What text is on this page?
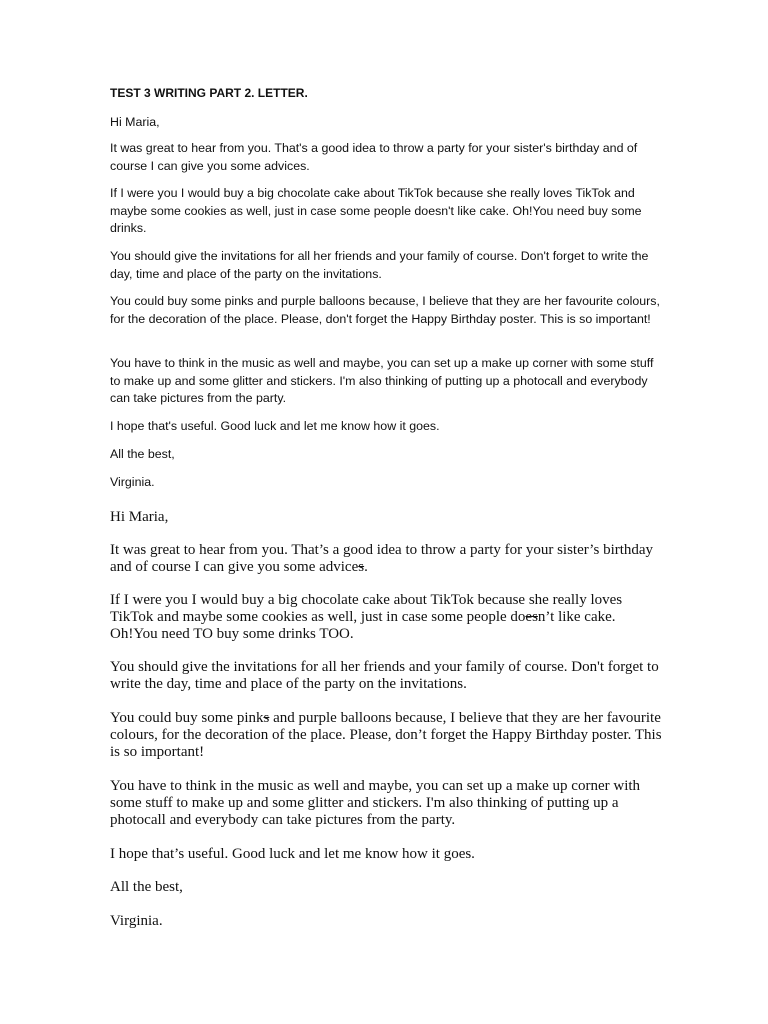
TEST 3 WRITING PART 2. LETTER.

Hi Maria,

It was great to hear from you. That's a good idea to throw a party for your sister's birthday and of course I can give you some advices.

If I were you I would buy a big chocolate cake about TikTok because she really loves TikTok and maybe some cookies as well, just in case some people doesn't like cake. Oh!You need buy some drinks.

You should give the invitations for all her friends and your family of course. Don't forget to write the day, time and place of the party on the invitations.

You could buy some pinks and purple balloons because, I believe that they are her favourite colours, for the decoration of the place. Please, don't forget the Happy Birthday poster. This is so important!

You have to think in the music as well and maybe, you can set up a make up corner with some stuff to make up and some glitter and stickers. I'm also thinking of putting up a photocall and everybody can take pictures from the party.

I hope that's useful. Good luck and let me know how it goes.

All the best,

Virginia.

Hi Maria,

It was great to hear from you. That’s a good idea to throw a party for your sister’s birthday and of course I can give you some advices.

If I were you I would buy a big chocolate cake about TikTok because she really loves TikTok and maybe some cookies as well, just in case some people doesn’t like cake. Oh!You need TO buy some drinks TOO.

You should give the invitations for all her friends and your family of course. Don't forget to write the day, time and place of the party on the invitations.

You could buy some pinks and purple balloons because, I believe that they are her favourite colours, for the decoration of the place. Please, don’t forget the Happy Birthday poster. This is so important!

You have to think in the music as well and maybe, you can set up a make up corner with some stuff to make up and some glitter and stickers. I'm also thinking of putting up a photocall and everybody can take pictures from the party.

I hope that’s useful. Good luck and let me know how it goes.

All the best,

Virginia.
